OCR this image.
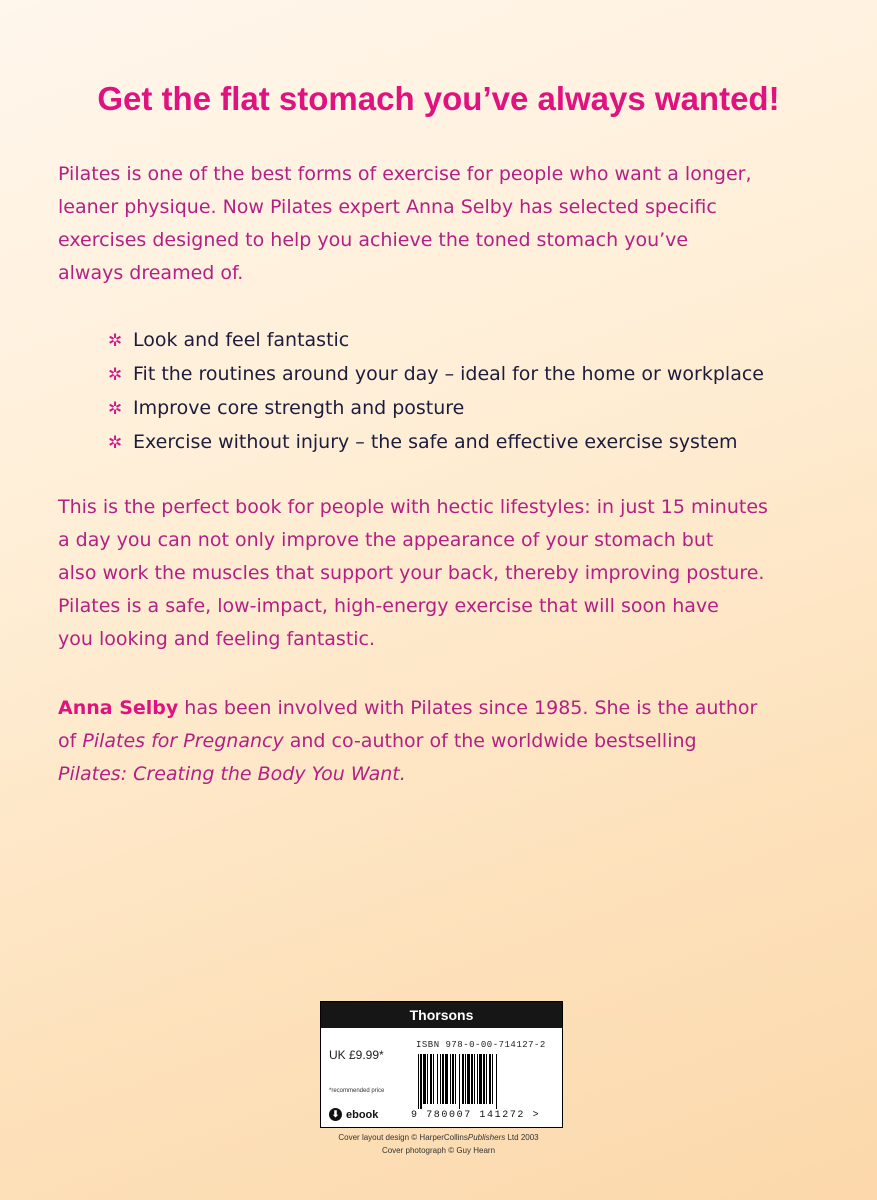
Get the flat stomach you’ve always wanted!

Pilates is one of the best forms of exercise for people who want a longer,
leaner physique. Now Pilates expert Anna Selby has selected specific
exercises designed to help you achieve the toned stomach you’ve
always dreamed of.

✲ Look and feel fantastic
✲ Fit the routines around your day – ideal for the home or workplace
✲ Improve core strength and posture
✲ Exercise without injury – the safe and effective exercise system

This is the perfect book for people with hectic lifestyles: in just 15 minutes
a day you can not only improve the appearance of your stomach but
also work the muscles that support your back, thereby improving posture.
Pilates is a safe, low-impact, high-energy exercise that will soon have
you looking and feeling fantastic.

Anna Selby has been involved with Pilates since 1985. She is the author
of Pilates for Pregnancy and co-author of the worldwide bestselling
Pilates: Creating the Body You Want.

Thorsons
UK £9.99*
*recommended price
⬇ ebook
ISBN 978-0-00-714127-2
9 780007 141272 >

Cover layout design © HarperCollinsPublishers Ltd 2003

Cover photograph © Guy Hearn
